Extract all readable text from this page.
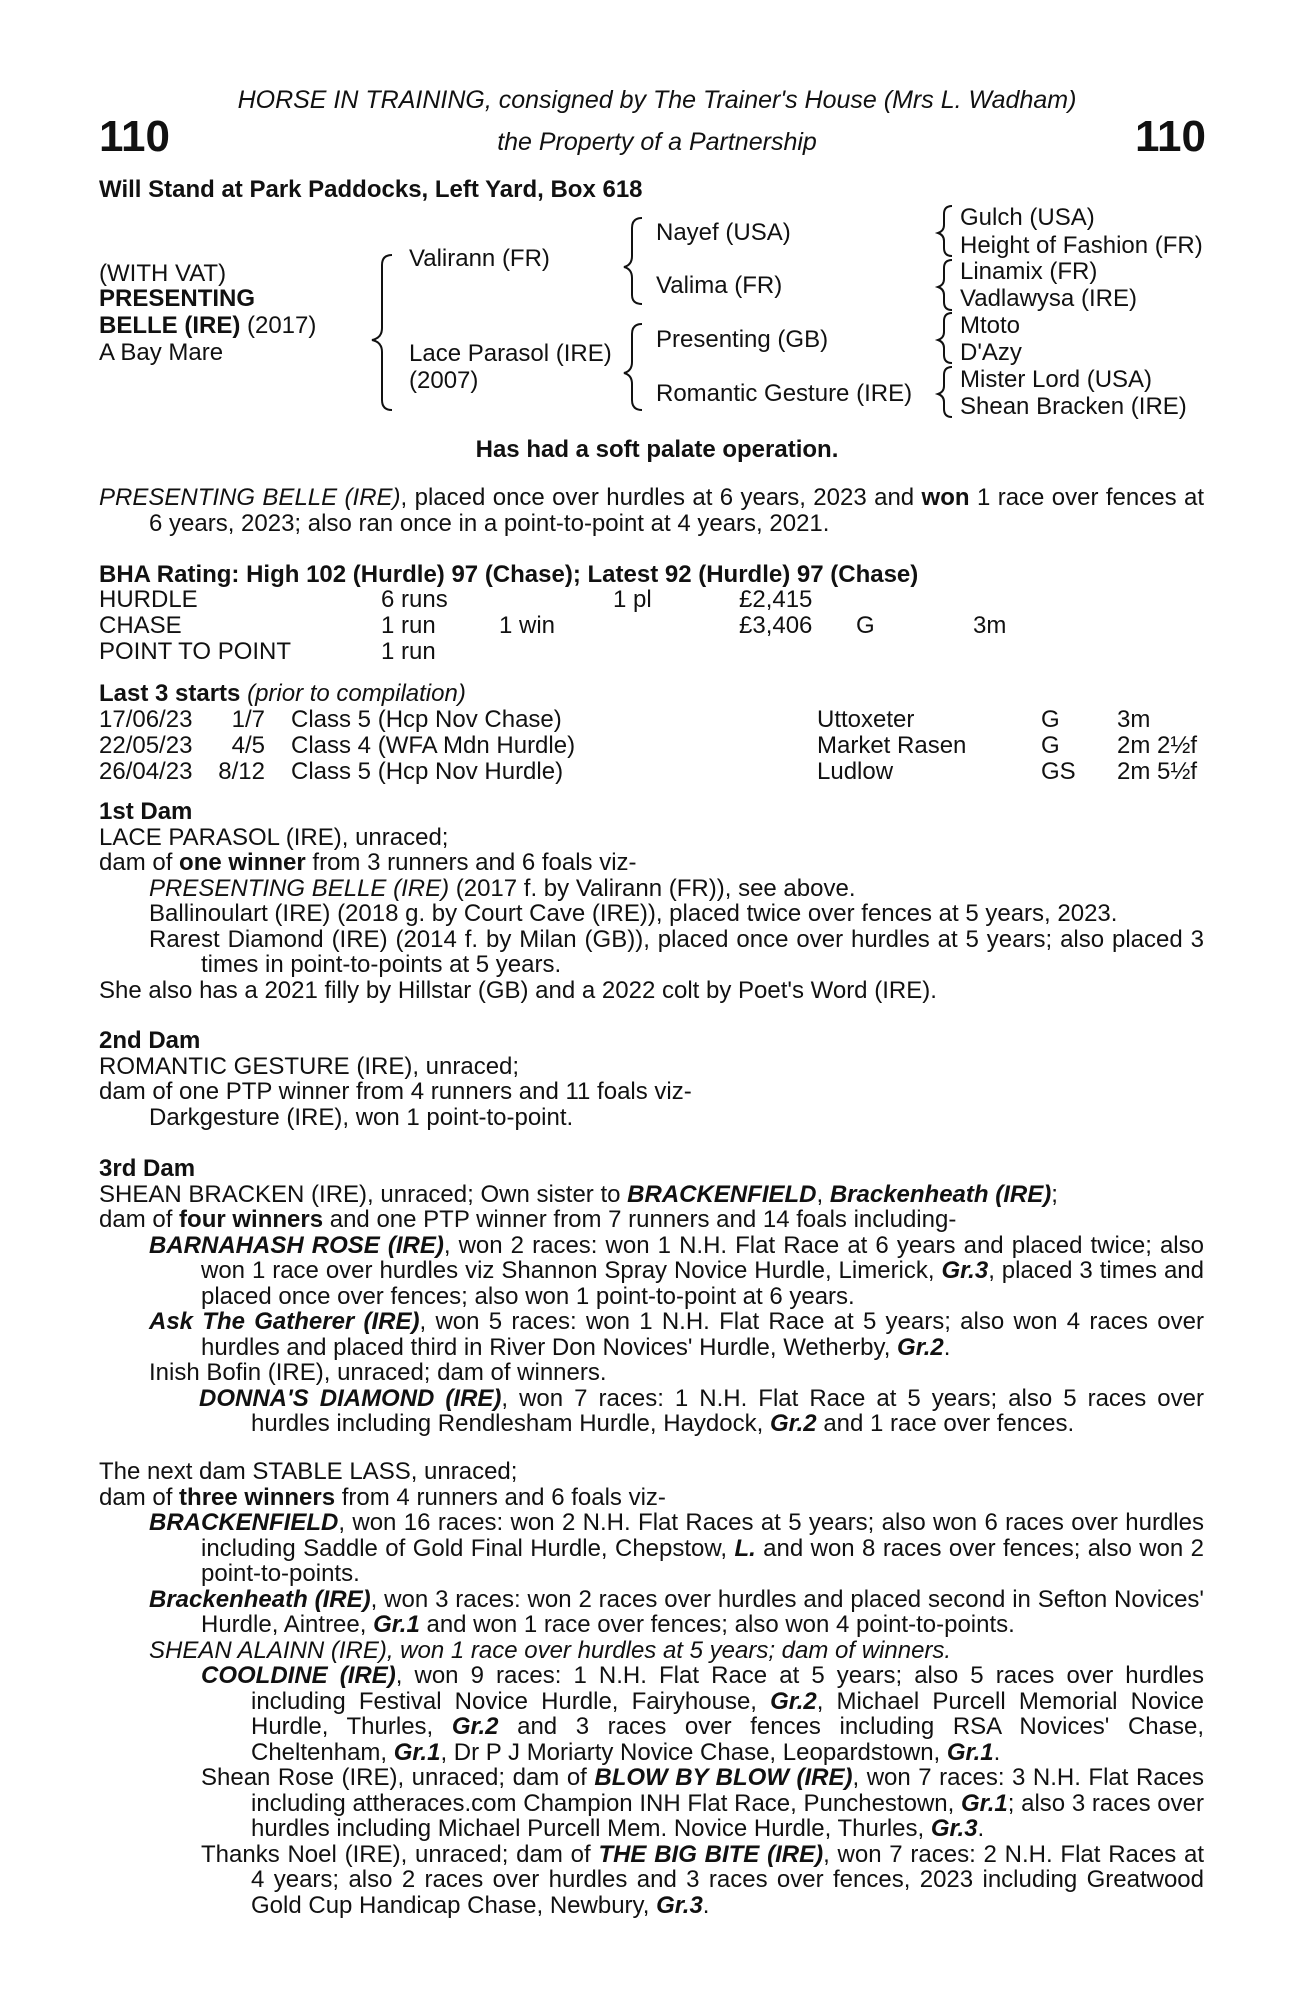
HORSE IN TRAINING, consigned by The Trainer's House (Mrs L. Wadham)
the Property of a Partnership
110	110
Will Stand at Park Paddocks, Left Yard, Box 618
(WITH VAT)
PRESENTING
BELLE (IRE) (2017)
A Bay Mare
Valirann (FR)
Lace Parasol (IRE)
(2007)
Nayef (USA)
Valima (FR)
Presenting (GB)
Romantic Gesture (IRE)
Gulch (USA)
Height of Fashion (FR)
Linamix (FR)
Vadlawysa (IRE)
Mtoto
D'Azy
Mister Lord (USA)
Shean Bracken (IRE)
Has had a soft palate operation.

PRESENTING BELLE (IRE), placed once over hurdles at 6 years, 2023 and won 1 race over fences at 6 years, 2023; also ran once in a point-to-point at 4 years, 2021.

BHA Rating: High 102 (Hurdle) 97 (Chase); Latest 92 (Hurdle) 97 (Chase)
HURDLE	6 runs	1 pl	£2,415
CHASE	1 run	1 win	£3,406 G	3m
POINT TO POINT	1 run
Last 3 starts (prior to compilation)
17/06/23	1/7 Class 5 (Hcp Nov Chase)	Uttoxeter	G 3m
22/05/23	4/5 Class 4 (WFA Mdn Hurdle)	Market Rasen	G 2m 2½f
26/04/23	8/12 Class 5 (Hcp Nov Hurdle)	Ludlow	GS 2m 5½f

1st Dam

LACE PARASOL (IRE), unraced;

dam of one winner from 3 runners and 6 foals viz-

PRESENTING BELLE (IRE) (2017 f. by Valirann (FR)), see above.

Ballinoulart (IRE) (2018 g. by Court Cave (IRE)), placed twice over fences at 5 years, 2023.

Rarest Diamond (IRE) (2014 f. by Milan (GB)), placed once over hurdles at 5 years; also placed 3 times in point-to-points at 5 years.

She also has a 2021 filly by Hillstar (GB) and a 2022 colt by Poet's Word (IRE).

2nd Dam

ROMANTIC GESTURE (IRE), unraced;

dam of one PTP winner from 4 runners and 11 foals viz-

Darkgesture (IRE), won 1 point-to-point.

3rd Dam

SHEAN BRACKEN (IRE), unraced; Own sister to BRACKENFIELD, Brackenheath (IRE);

dam of four winners and one PTP winner from 7 runners and 14 foals including-

BARNAHASH ROSE (IRE), won 2 races: won 1 N.H. Flat Race at 6 years and placed twice; also won 1 race over hurdles viz Shannon Spray Novice Hurdle, Limerick, Gr.3, placed 3 times and placed once over fences; also won 1 point-to-point at 6 years.

Ask The Gatherer (IRE), won 5 races: won 1 N.H. Flat Race at 5 years; also won 4 races over hurdles and placed third in River Don Novices' Hurdle, Wetherby, Gr.2.

Inish Bofin (IRE), unraced; dam of winners.

DONNA'S DIAMOND (IRE), won 7 races: 1 N.H. Flat Race at 5 years; also 5 races over hurdles including Rendlesham Hurdle, Haydock, Gr.2 and 1 race over fences.

The next dam STABLE LASS, unraced;

dam of three winners from 4 runners and 6 foals viz-

BRACKENFIELD, won 16 races: won 2 N.H. Flat Races at 5 years; also won 6 races over hurdles including Saddle of Gold Final Hurdle, Chepstow, L. and won 8 races over fences; also won 2 point-to-points.

Brackenheath (IRE), won 3 races: won 2 races over hurdles and placed second in Sefton Novices' Hurdle, Aintree, Gr.1 and won 1 race over fences; also won 4 point-to-points.

SHEAN ALAINN (IRE), won 1 race over hurdles at 5 years; dam of winners.

COOLDINE (IRE), won 9 races: 1 N.H. Flat Race at 5 years; also 5 races over hurdles including Festival Novice Hurdle, Fairyhouse, Gr.2, Michael Purcell Memorial Novice Hurdle, Thurles, Gr.2 and 3 races over fences including RSA Novices' Chase, Cheltenham, Gr.1, Dr P J Moriarty Novice Chase, Leopardstown, Gr.1.

Shean Rose (IRE), unraced; dam of BLOW BY BLOW (IRE), won 7 races: 3 N.H. Flat Races including attheraces.com Champion INH Flat Race, Punchestown, Gr.1; also 3 races over hurdles including Michael Purcell Mem. Novice Hurdle, Thurles, Gr.3.

Thanks Noel (IRE), unraced; dam of THE BIG BITE (IRE), won 7 races: 2 N.H. Flat Races at 4 years; also 2 races over hurdles and 3 races over fences, 2023 including Greatwood Gold Cup Handicap Chase, Newbury, Gr.3.
